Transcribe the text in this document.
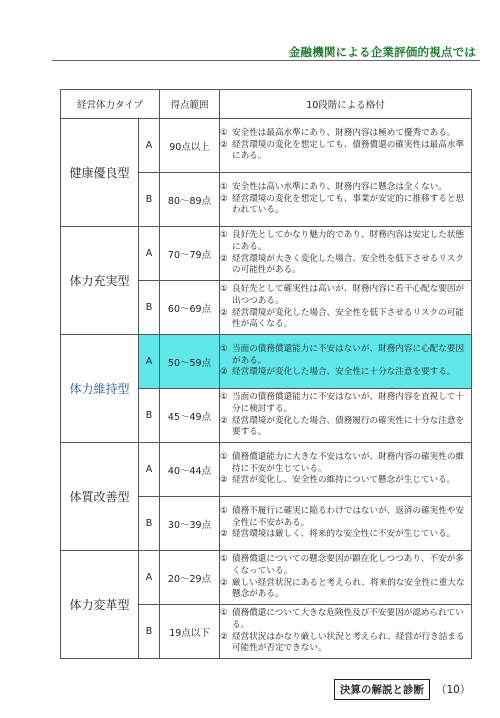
金融機関による企業評価的視点では
経営体力タイプ		得点範囲	10段階による格付
健康優良型	A	90点以上	① 安全性は最高水準にあり、財務内容は極めて優秀である。
② 経営環境の変化を想定しても、債務償還の確実性は最高水準にある。

	B	80～89点	① 安全性は高い水準にあり、財務内容に懸念は全くない。
② 経営環境の変化を想定しても、事業が安定的に推移すると思われている。

体力充実型	A	70～79点	① 良好先としてかなり魅力的であり、財務内容は安定した状態にある。
② 経営環境が大きく変化した場合、安全性を低下させるリスクの可能性がある。

	B	60～69点	① 良好先として確実性は高いが、財務内容に若干心配な要因が出つつある。
② 経営環境が変化した場合、安全性を低下させるリスクの可能性が高くなる。

体力維持型	A	50～59点	① 当面の債務償還能力に不安はないが、財務内容に心配な要因がある。
② 経営環境が変化した場合、安全性に十分な注意を要する。

	B	45～49点	① 当面の債務償還能力に不安はないが、財務内容を直視して十分に検討する。
② 経営環境が変化した場合、債務履行の確実性に十分な注意を要する。

体質改善型	A	40～44点	① 債務償還能力に大きな不安はないが、財務内容の確実性の維持に不安が生じている。
② 経営が変化し、安全性の維持について懸念が生じている。

	B	30～39点	① 債務不履行に確実に陥るわけではないが、返済の確実性や安全性に不安がある。
② 経営環境は厳しく、将来的な安全性に不安が生じている。

体力変革型	A	20～29点	① 債務償還についての懸念要因が顕在化しつつあり、不安が多くなっている。
② 厳しい経営状況にあると考えられ、将来的な安全性に重大な懸念がある。

	B	19点以下	① 債務償還について大きな危険性及び不安要因が認められている。
② 経営状況はかなり厳しい状況と考えられ、経営が行き詰まる可能性が否定できない。
決算の解説と診断	（10）
